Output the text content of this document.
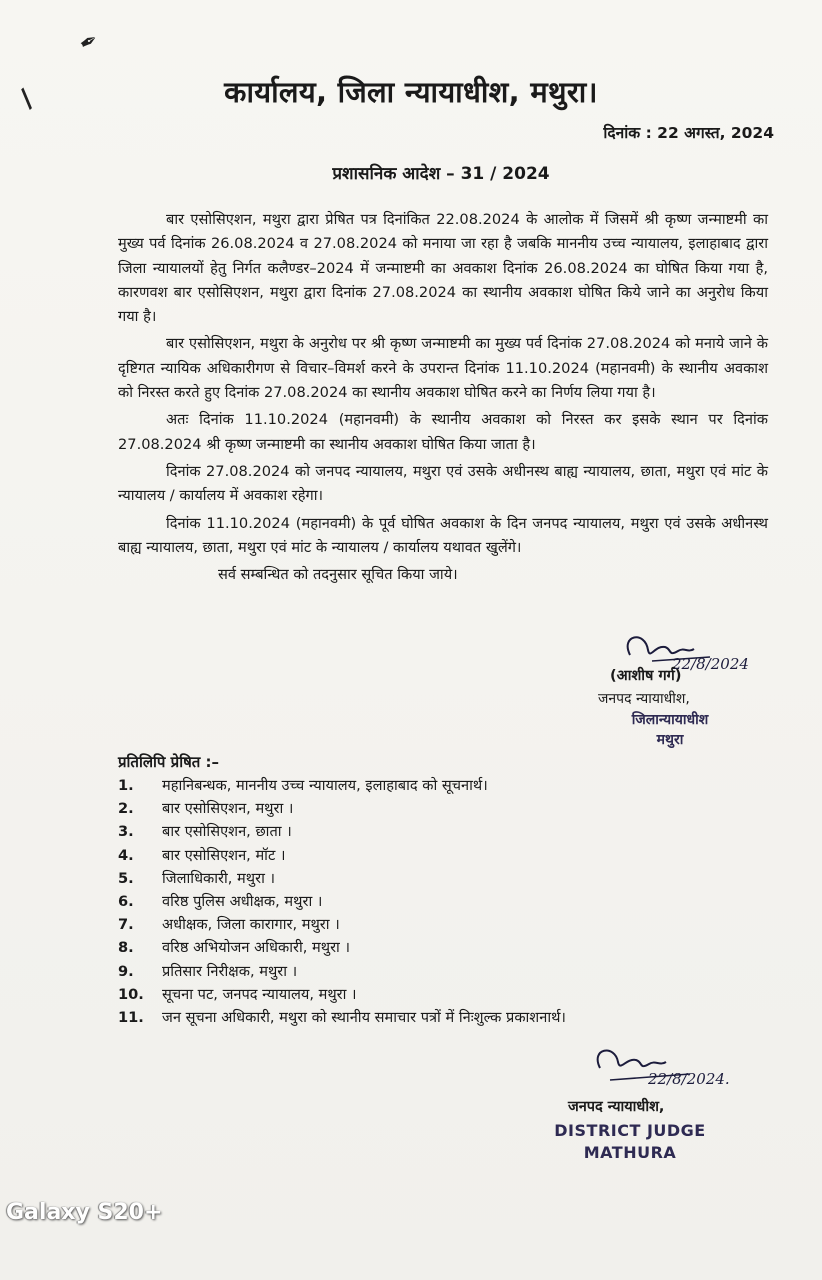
✒
/	कार्यालय, जिला न्यायाधीश, मथुरा।
दिनांक : 22 अगस्त, 2024
प्रशासनिक आदेश – 31 / 2024

बार एसोसिएशन, मथुरा द्वारा प्रेषित पत्र दिनांकित 22.08.2024 के आलोक में जिसमें श्री कृष्ण जन्माष्टमी का मुख्य पर्व दिनांक 26.08.2024 व 27.08.2024 को मनाया जा रहा है जबकि माननीय उच्च न्यायालय, इलाहाबाद द्वारा जिला न्यायालयों हेतु निर्गत कलैण्डर–2024 में जन्माष्टमी का अवकाश दिनांक 26.08.2024 का घोषित किया गया है, कारणवश बार एसोसिएशन, मथुरा द्वारा दिनांक 27.08.2024 का स्थानीय अवकाश घोषित किये जाने का अनुरोध किया गया है।

बार एसोसिएशन, मथुरा के अनुरोध पर श्री कृष्ण जन्माष्टमी का मुख्य पर्व दिनांक 27.08.2024 को मनाये जाने के दृष्टिगत न्यायिक अधिकारीगण से विचार–विमर्श करने के उपरान्त दिनांक 11.10.2024 (महानवमी) के स्थानीय अवकाश को निरस्त करते हुए दिनांक 27.08.2024 का स्थानीय अवकाश घोषित करने का निर्णय लिया गया है।

अतः दिनांक 11.10.2024 (महानवमी) के स्थानीय अवकाश को निरस्त कर इसके स्थान पर दिनांक 27.08.2024 श्री कृष्ण जन्माष्टमी का स्थानीय अवकाश घोषित किया जाता है।

दिनांक 27.08.2024 को जनपद न्यायालय, मथुरा एवं उसके अधीनस्थ बाह्य न्यायालय, छाता, मथुरा एवं मांट के न्यायालय / कार्यालय में अवकाश रहेगा।

दिनांक 11.10.2024 (महानवमी) के पूर्व घोषित अवकाश के दिन जनपद न्यायालय, मथुरा एवं उसके अधीनस्थ बाह्य न्यायालय, छाता, मथुरा एवं मांट के न्यायालय / कार्यालय यथावत खुलेंगे।

सर्व सम्बन्धित को तदनुसार सूचित किया जाये।

22/8/2024
(आशीष गर्ग)
जनपद न्यायाधीश,
जिलान्यायाधीश
मथुरा
प्रतिलिपि प्रेषित :–
1.	महानिबन्धक, माननीय उच्च न्यायालय, इलाहाबाद को सूचनार्थ।
2.	बार एसोसिएशन, मथुरा ।
3.	बार एसोसिएशन, छाता ।
4.	बार एसोसिएशन, मॉट ।
5.	जिलाधिकारी, मथुरा ।
6.	वरिष्ठ पुलिस अधीक्षक, मथुरा ।
7.	अधीक्षक, जिला कारागार, मथुरा ।
8.	वरिष्ठ अभियोजन अधिकारी, मथुरा ।
9.	प्रतिसार निरीक्षक, मथुरा ।
10.	सूचना पट, जनपद न्यायालय, मथुरा ।
11.	जन सूचना अधिकारी, मथुरा को स्थानीय समाचार पत्रों में निःशुल्क प्रकाशनार्थ।
22/8/2024.
जनपद न्यायाधीश,
DISTRICT JUDGE
MATHURA
Galaxy S20+
